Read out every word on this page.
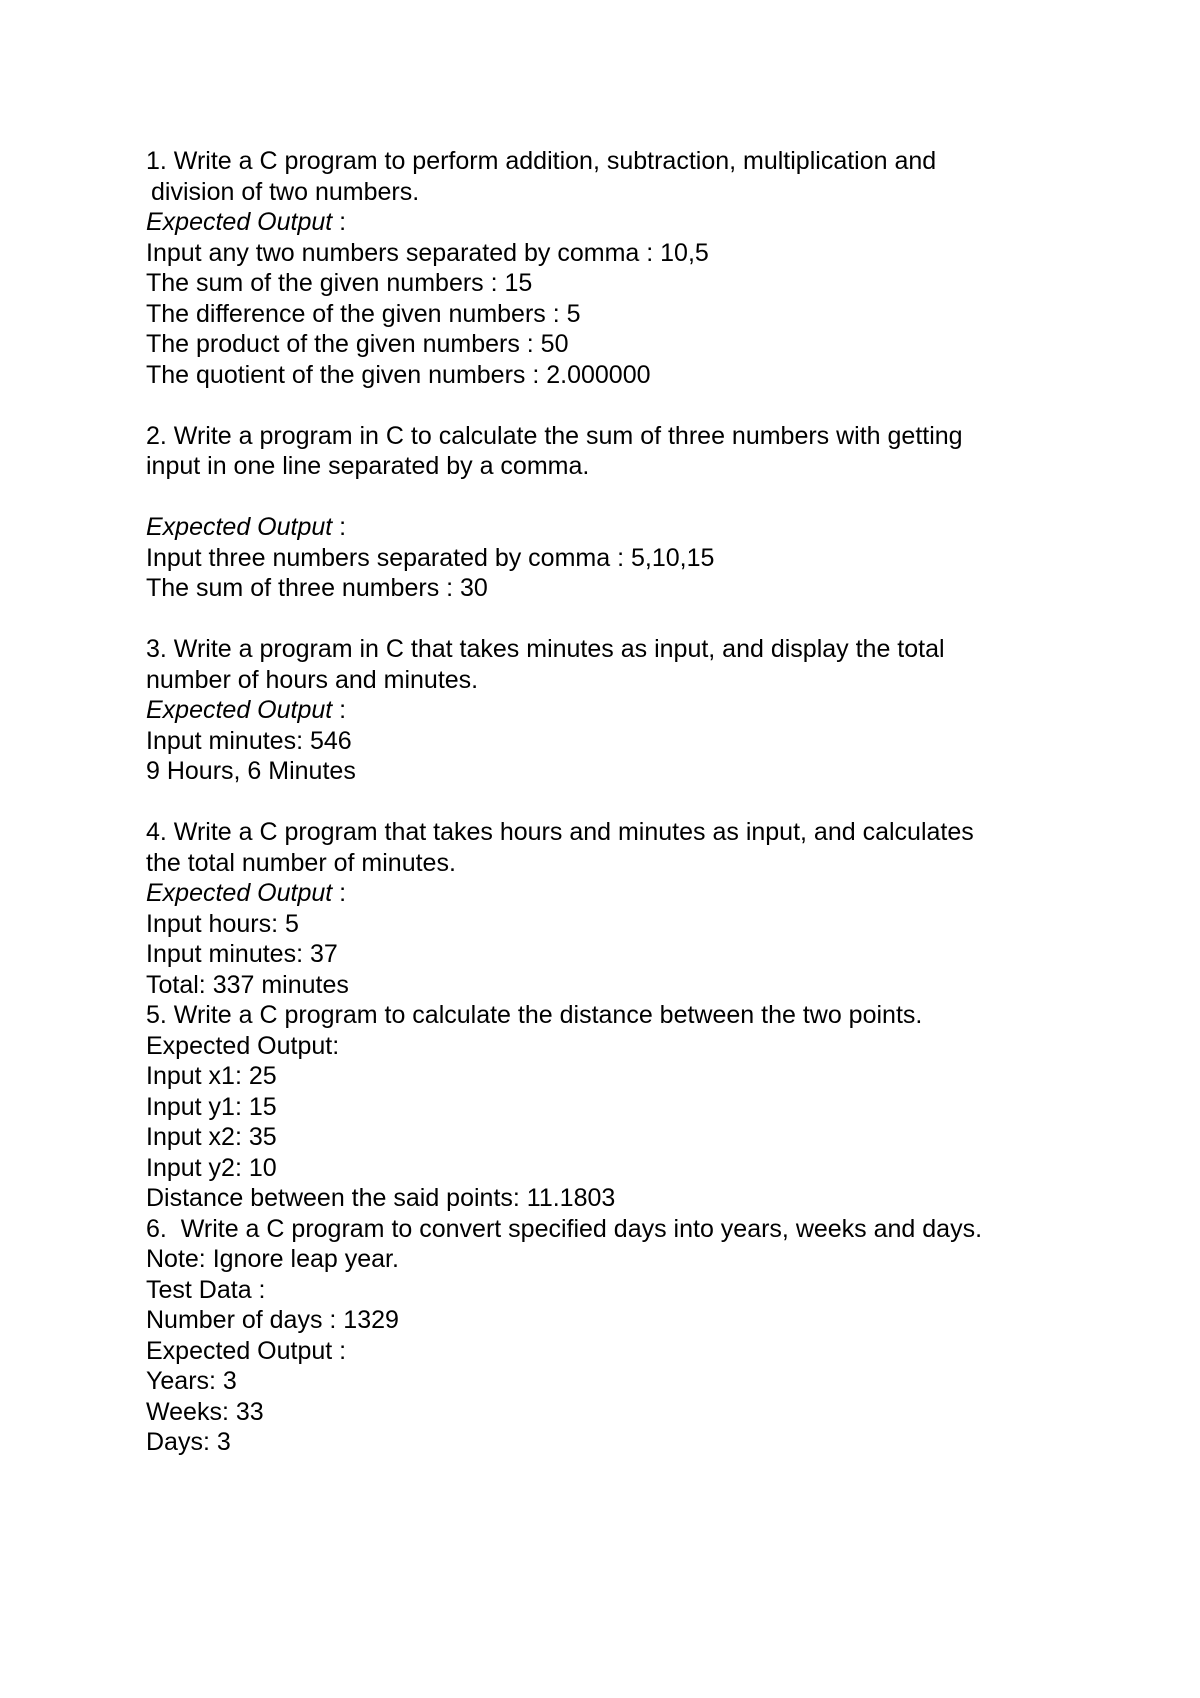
1. Write a C program to perform addition, subtraction, multiplication and
division of two numbers.
Expected Output :
Input any two numbers separated by comma : 10,5
The sum of the given numbers : 15
The difference of the given numbers : 5
The product of the given numbers : 50
The quotient of the given numbers : 2.000000
2. Write a program in C to calculate the sum of three numbers with getting
input in one line separated by a comma.
Expected Output :
Input three numbers separated by comma : 5,10,15
The sum of three numbers : 30
3. Write a program in C that takes minutes as input, and display the total
number of hours and minutes.
Expected Output :
Input minutes: 546
9 Hours, 6 Minutes
4. Write a C program that takes hours and minutes as input, and calculates
the total number of minutes.
Expected Output :
Input hours: 5
Input minutes: 37
Total: 337 minutes
5. Write a C program to calculate the distance between the two points.
Expected Output:
Input x1: 25
Input y1: 15
Input x2: 35
Input y2: 10
Distance between the said points: 11.1803
6.  Write a C program to convert specified days into years, weeks and days.
Note: Ignore leap year.
Test Data :
Number of days : 1329
Expected Output :
Years: 3
Weeks: 33
Days: 3
